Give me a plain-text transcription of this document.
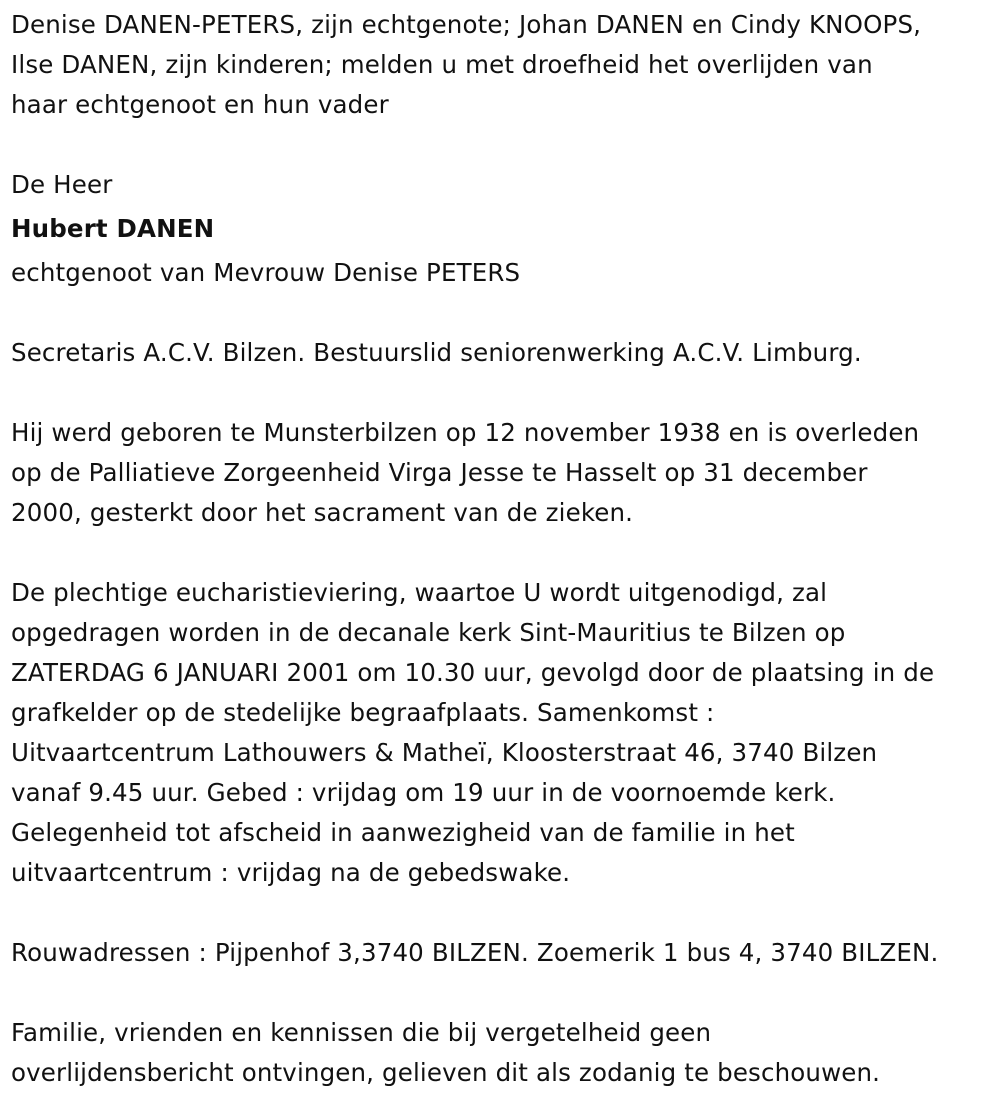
Denise DANEN-PETERS, zijn echtgenote; Johan DANEN en Cindy KNOOPS,
Ilse DANEN, zijn kinderen; melden u met droefheid het overlijden van
haar echtgenoot en hun vader

De Heer

Hubert DANEN

echtgenoot van Mevrouw Denise PETERS

Secretaris A.C.V. Bilzen. Bestuurslid seniorenwerking A.C.V. Limburg.

Hij werd geboren te Munsterbilzen op 12 november 1938 en is overleden
op de Palliatieve Zorgeenheid Virga Jesse te Hasselt op 31 december
2000, gesterkt door het sacrament van de zieken.

De plechtige eucharistieviering, waartoe U wordt uitgenodigd, zal
opgedragen worden in de decanale kerk Sint-Mauritius te Bilzen op
ZATERDAG 6 JANUARI 2001 om 10.30 uur, gevolgd door de plaatsing in de
grafkelder op de stedelijke begraafplaats. Samenkomst :
Uitvaartcentrum Lathouwers & Matheï, Kloosterstraat 46, 3740 Bilzen
vanaf 9.45 uur. Gebed : vrijdag om 19 uur in de voornoemde kerk.
Gelegenheid tot afscheid in aanwezigheid van de familie in het
uitvaartcentrum : vrijdag na de gebedswake.

Rouwadressen : Pijpenhof 3,3740 BILZEN. Zoemerik 1 bus 4, 3740 BILZEN.

Familie, vrienden en kennissen die bij vergetelheid geen
overlijdensbericht ontvingen, gelieven dit als zodanig te beschouwen.
